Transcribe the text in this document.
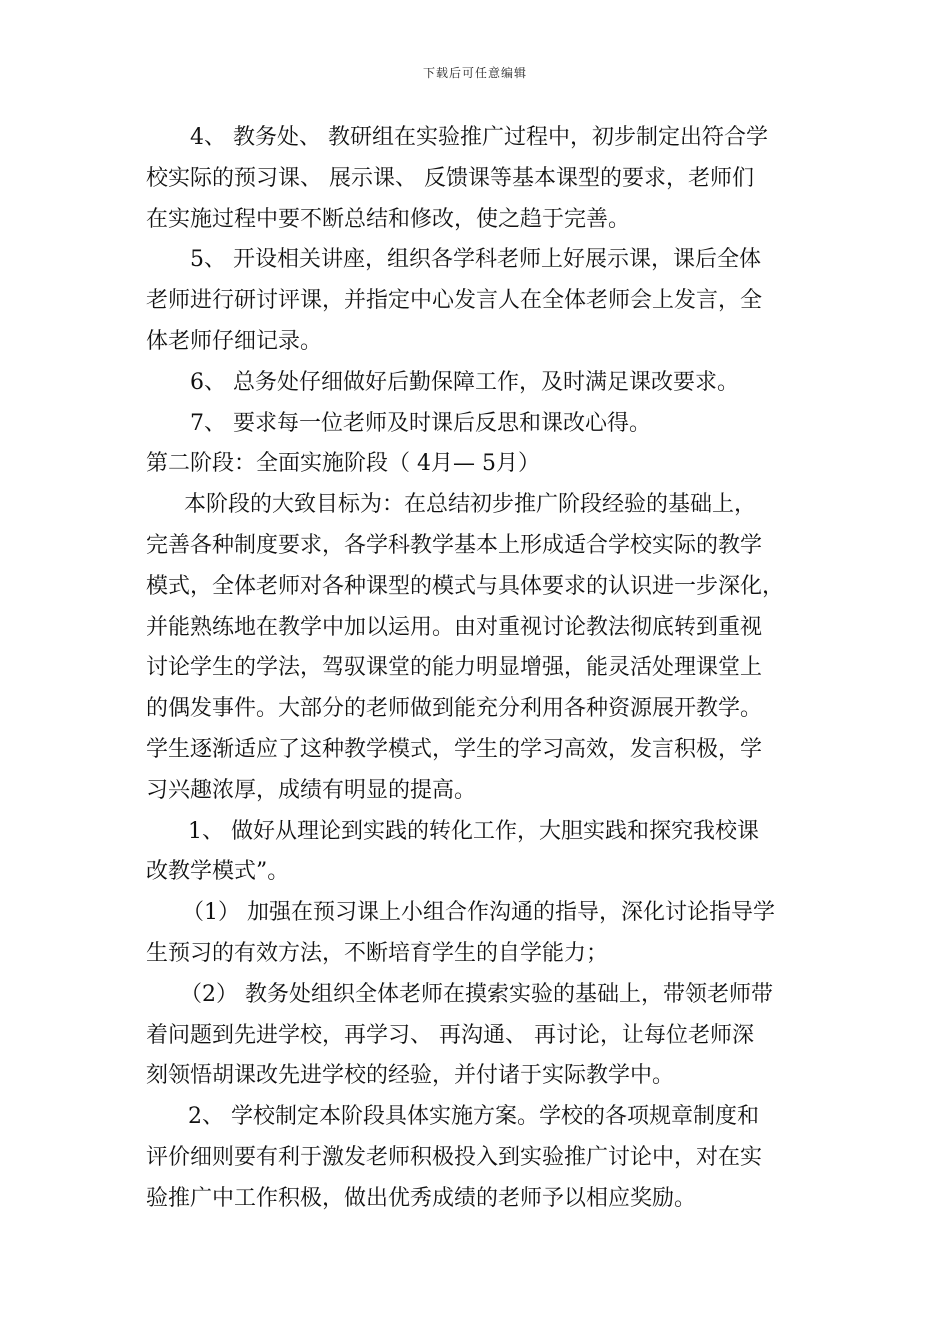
下载后可任意编辑
4、 教务处、 教研组在实验推广过程中，初步制定出符合学
校实际的预习课、 展示课、 反馈课等基本课型的要求，老师们
在实施过程中要不断总结和修改，使之趋于完善。
5、 开设相关讲座，组织各学科老师上好展示课，课后全体
老师进行研讨评课，并指定中心发言人在全体老师会上发言，全
体老师仔细记录。
6、 总务处仔细做好后勤保障工作，及时满足课改要求。
7、 要求每一位老师及时课后反思和课改心得。
第二阶段：全面实施阶段（ 4月— 5月）
本阶段的大致目标为：在总结初步推广阶段经验的基础上，
完善各种制度要求，各学科教学基本上形成适合学校实际的教学
模式，全体老师对各种课型的模式与具体要求的认识进一步深化，
并能熟练地在教学中加以运用。由对重视讨论教法彻底转到重视
讨论学生的学法，驾驭课堂的能力明显增强，能灵活处理课堂上
的偶发事件。大部分的老师做到能充分利用各种资源展开教学。
学生逐渐适应了这种教学模式，学生的学习高效，发言积极，学
习兴趣浓厚，成绩有明显的提高。
1、 做好从理论到实践的转化工作，大胆实践和探究我校课
改教学模式”。
（1） 加强在预习课上小组合作沟通的指导，深化讨论指导学
生预习的有效方法，不断培育学生的自学能力；
（2） 教务处组织全体老师在摸索实验的基础上，带领老师带
着问题到先进学校，再学习、 再沟通、 再讨论，让每位老师深
刻领悟胡课改先进学校的经验，并付诸于实际教学中。
2、 学校制定本阶段具体实施方案。学校的各项规章制度和
评价细则要有利于激发老师积极投入到实验推广讨论中，对在实
验推广中工作积极，做出优秀成绩的老师予以相应奖励。
